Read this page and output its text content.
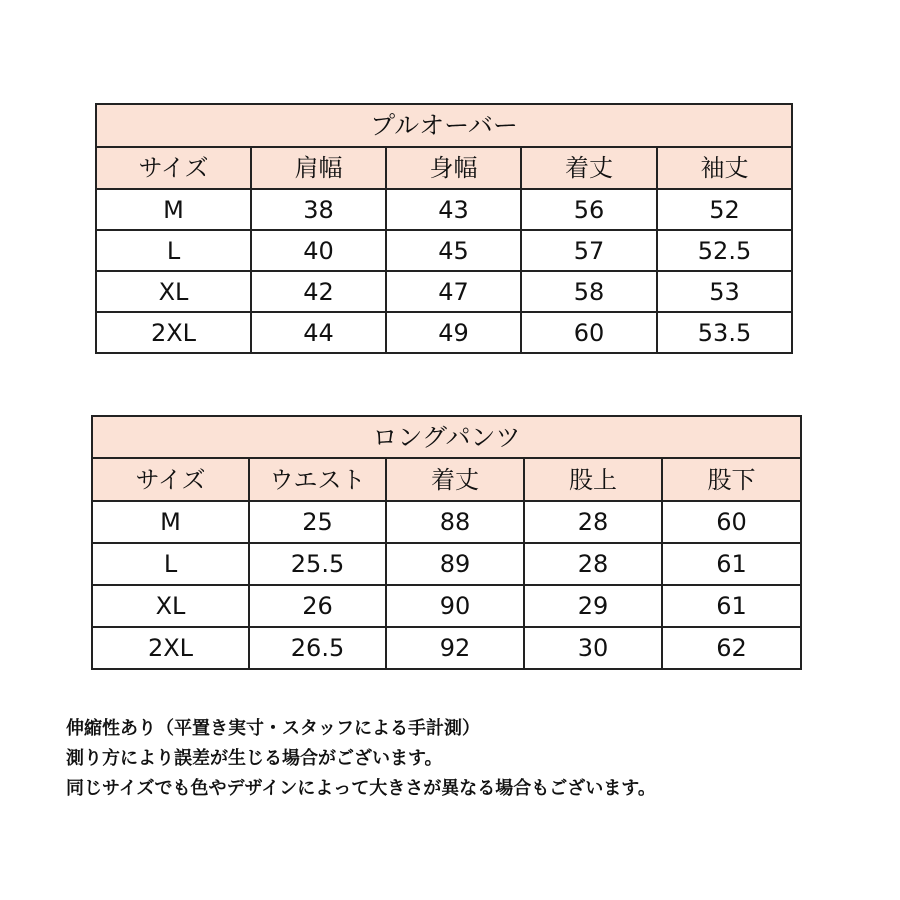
プルオーバー				
サイズ	肩幅	身幅	着丈	袖丈
M	38	43	56	52
L	40	45	57	52.5
XL	42	47	58	53
2XL	44	49	60	53.5
ロングパンツ				
サイズ	ウエスト	着丈	股上	股下
M	25	88	28	60
L	25.5	89	28	61
XL	26	90	29	61
2XL	26.5	92	30	62
伸縮性あり（平置き実寸・スタッフによる手計測）
測り方により誤差が生じる場合がございます。
同じサイズでも色やデザインによって大きさが異なる場合もございます。
